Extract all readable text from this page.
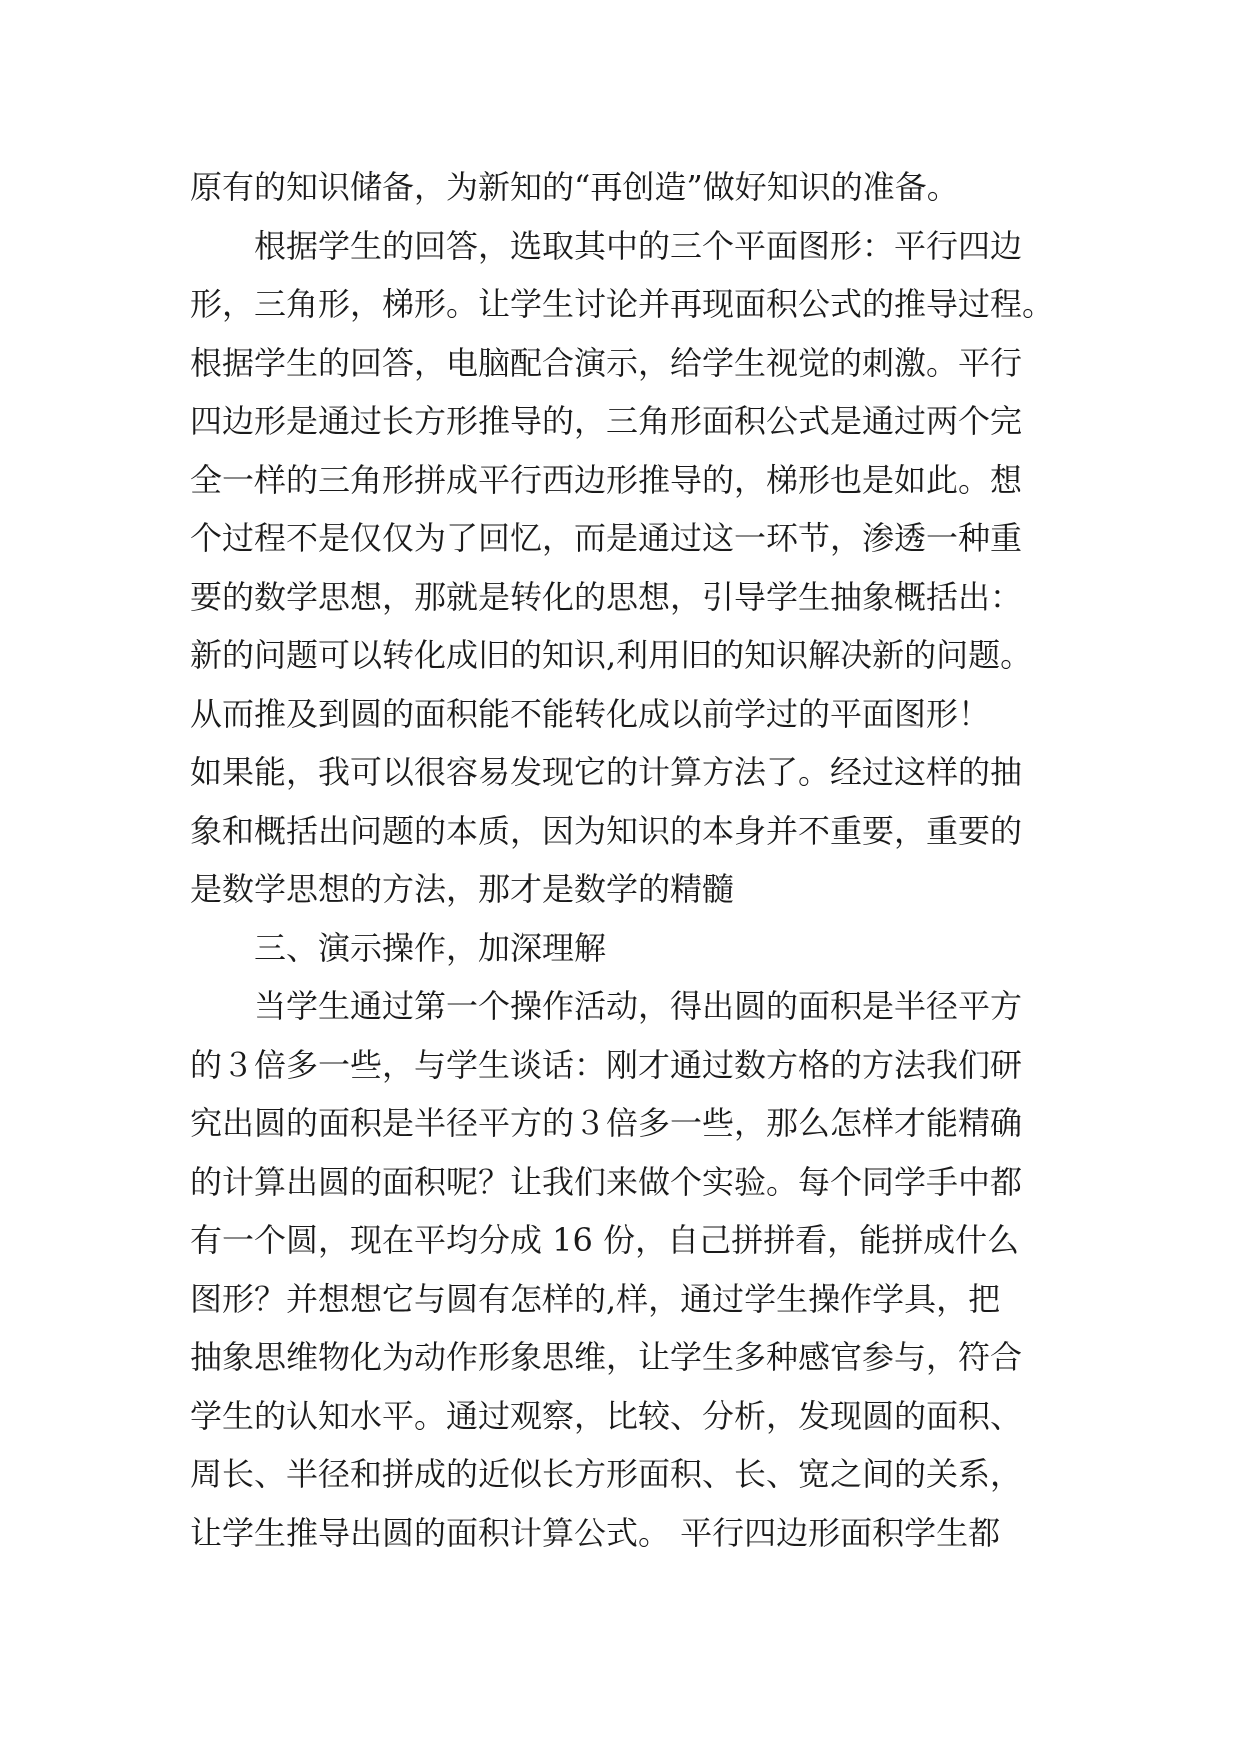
原有的知识储备，为新知的“再创造”做好知识的准备。
根据学生的回答，选取其中的三个平面图形：平行四边
形，三角形，梯形。让学生讨论并再现面积公式的推导过程。
根据学生的回答，电脑配合演示，给学生视觉的刺激。平行
四边形是通过长方形推导的，三角形面积公式是通过两个完
全一样的三角形拼成平行西边形推导的，梯形也是如此。想
个过程不是仅仅为了回忆，而是通过这一环节，渗透一种重
要的数学思想，那就是转化的思想，引导学生抽象概括出：
新的问题可以转化成旧的知识,利用旧的知识解决新的问题。
从而推及到圆的面积能不能转化成以前学过的平面图形！
如果能，我可以很容易发现它的计算方法了。经过这样的抽
象和概括出问题的本质，因为知识的本身并不重要，重要的
是数学思想的方法，那才是数学的精髓
三、演示操作，加深理解
当学生通过第一个操作活动，得出圆的面积是半径平方
的３倍多一些，与学生谈话：刚才通过数方格的方法我们研
究出圆的面积是半径平方的３倍多一些，那么怎样才能精确
的计算出圆的面积呢？让我们来做个实验。每个同学手中都
有一个圆，现在平均分成 16 份，自己拼拼看，能拼成什么
图形？并想想它与圆有怎样的,样，通过学生操作学具，把
抽象思维物化为动作形象思维，让学生多种感官参与，符合
学生的认知水平。通过观察，比较、分析，发现圆的面积、
周长、半径和拼成的近似长方形面积、长、宽之间的关系，
让学生推导出圆的面积计算公式。 平行四边形面积学生都
